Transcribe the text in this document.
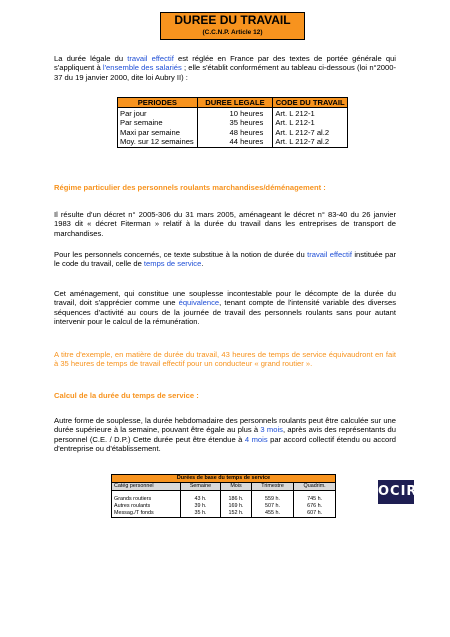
DUREE DU TRAVAIL
(C.C.N.P. Article 12)
La durée légale du travail effectif est réglée en France par des textes de portée générale qui s'appliquent à l'ensemble des salariés ; elle s'établit conformément au tableau ci-dessous (loi n°2000-37 du 19 janvier 2000, dite loi Aubry II) :
PERIODES	DUREE LEGALE	CODE DU TRAVAIL
Par jour	10 heures	Art. L 212-1
Par semaine	35 heures	Art. L 212-1
Maxi par semaine	48 heures	Art. L 212-7 al.2
Moy. sur 12 semaines	44 heures	Art. L 212-7 al.2
Régime particulier des personnels roulants marchandises/déménagement :
Il résulte d'un décret n° 2005-306 du 31 mars 2005, aménageant le décret n° 83-40 du 26 janvier 1983 dit « décret Fiterman » relatif à la durée du travail dans les entreprises de transport de marchandises.
Pour les personnels concernés, ce texte substitue à la notion de durée du travail effectif instituée par le code du travail, celle de temps de service.
Cet aménagement, qui constitue une souplesse incontestable pour le décompte de la durée du travail, doit s'apprécier comme une équivalence, tenant compte de l'intensité variable des diverses séquences d'activité au cours de la journée de travail des personnels roulants sans pour autant intervenir pour le calcul de la rémunération.
A titre d'exemple, en matière de durée du travail, 43 heures de temps de service équivaudront en fait à 35 heures de temps de travail effectif pour un conducteur « grand routier ».
Calcul de la durée du temps de service :
Autre forme de souplesse, la durée hebdomadaire des personnels roulants peut être calculée sur une durée supérieure à la semaine, pouvant être égale au plus à 3 mois, après avis des représentants du personnel (C.E. / D.P.) Cette durée peut être étendue à 4 mois par accord collectif étendu ou accord d'entreprise ou d'établissement.
Durées de base du temps de service				
Catég personnel	Semaine	Mois	Trimestre	Quadrim.

Grands routiers	43 h.	186 h.	559 h.	745 h.
Autres roulants	39 h.	169 h.	507 h.	676 h.
Messag./T fonds	35 h.	152 h.	455 h.	607 h.
OCIR
